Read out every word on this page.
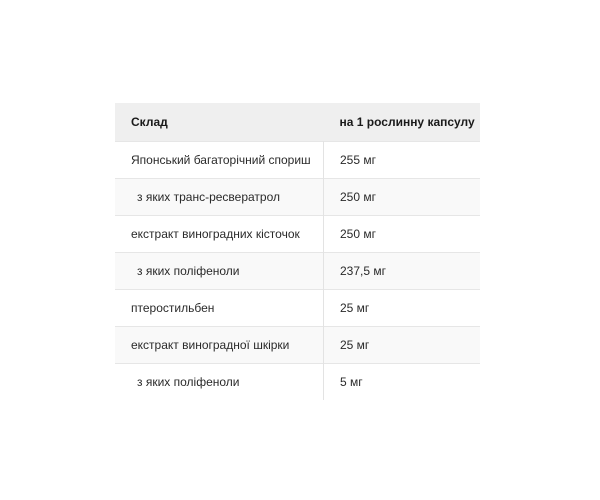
Склад	на 1 рослинну капсулу
Японський багаторічний спориш	255 мг
з яких транс-ресвератрол	250 мг
екстракт виноградних кісточок	250 мг
з яких поліфеноли	237,5 мг
птеростильбен	25 мг
екстракт виноградної шкірки	25 мг
з яких поліфеноли	5 мг
